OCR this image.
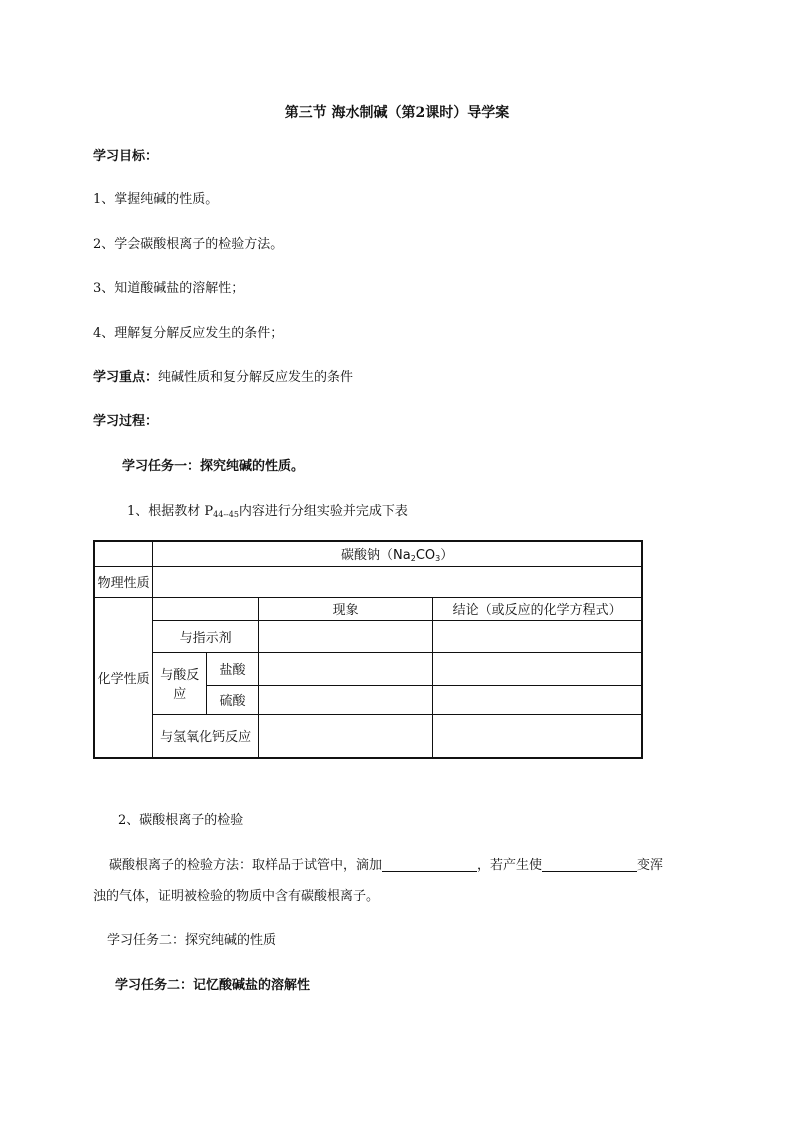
第三节 海水制碱（第2课时）导学案
学习目标：
1、掌握纯碱的性质。
2、学会碳酸根离子的检验方法。
3、知道酸碱盐的溶解性；
4、理解复分解反应发生的条件；
学习重点：纯碱性质和复分解反应发生的条件
学习过程：
学习任务一：探究纯碱的性质。
1、根据教材 $P_{44--45}$内容进行分组实验并完成下表
	碳酸钠$(Na_2CO_3)$			
物理性质				
化学性质			现象	结论（或反应的化学方程式）
	与指示剂			
	与酸反应	盐酸		
		硫酸		
	与氢氧化钙反应			
2、碳酸根离子的检验
碳酸根离子的检验方法：取样品于试管中，滴加	，若产生使	变浑
浊的气体，证明被检验的物质中含有碳酸根离子。
学习任务二：探究纯碱的性质
学习任务二：记忆酸碱盐的溶解性
